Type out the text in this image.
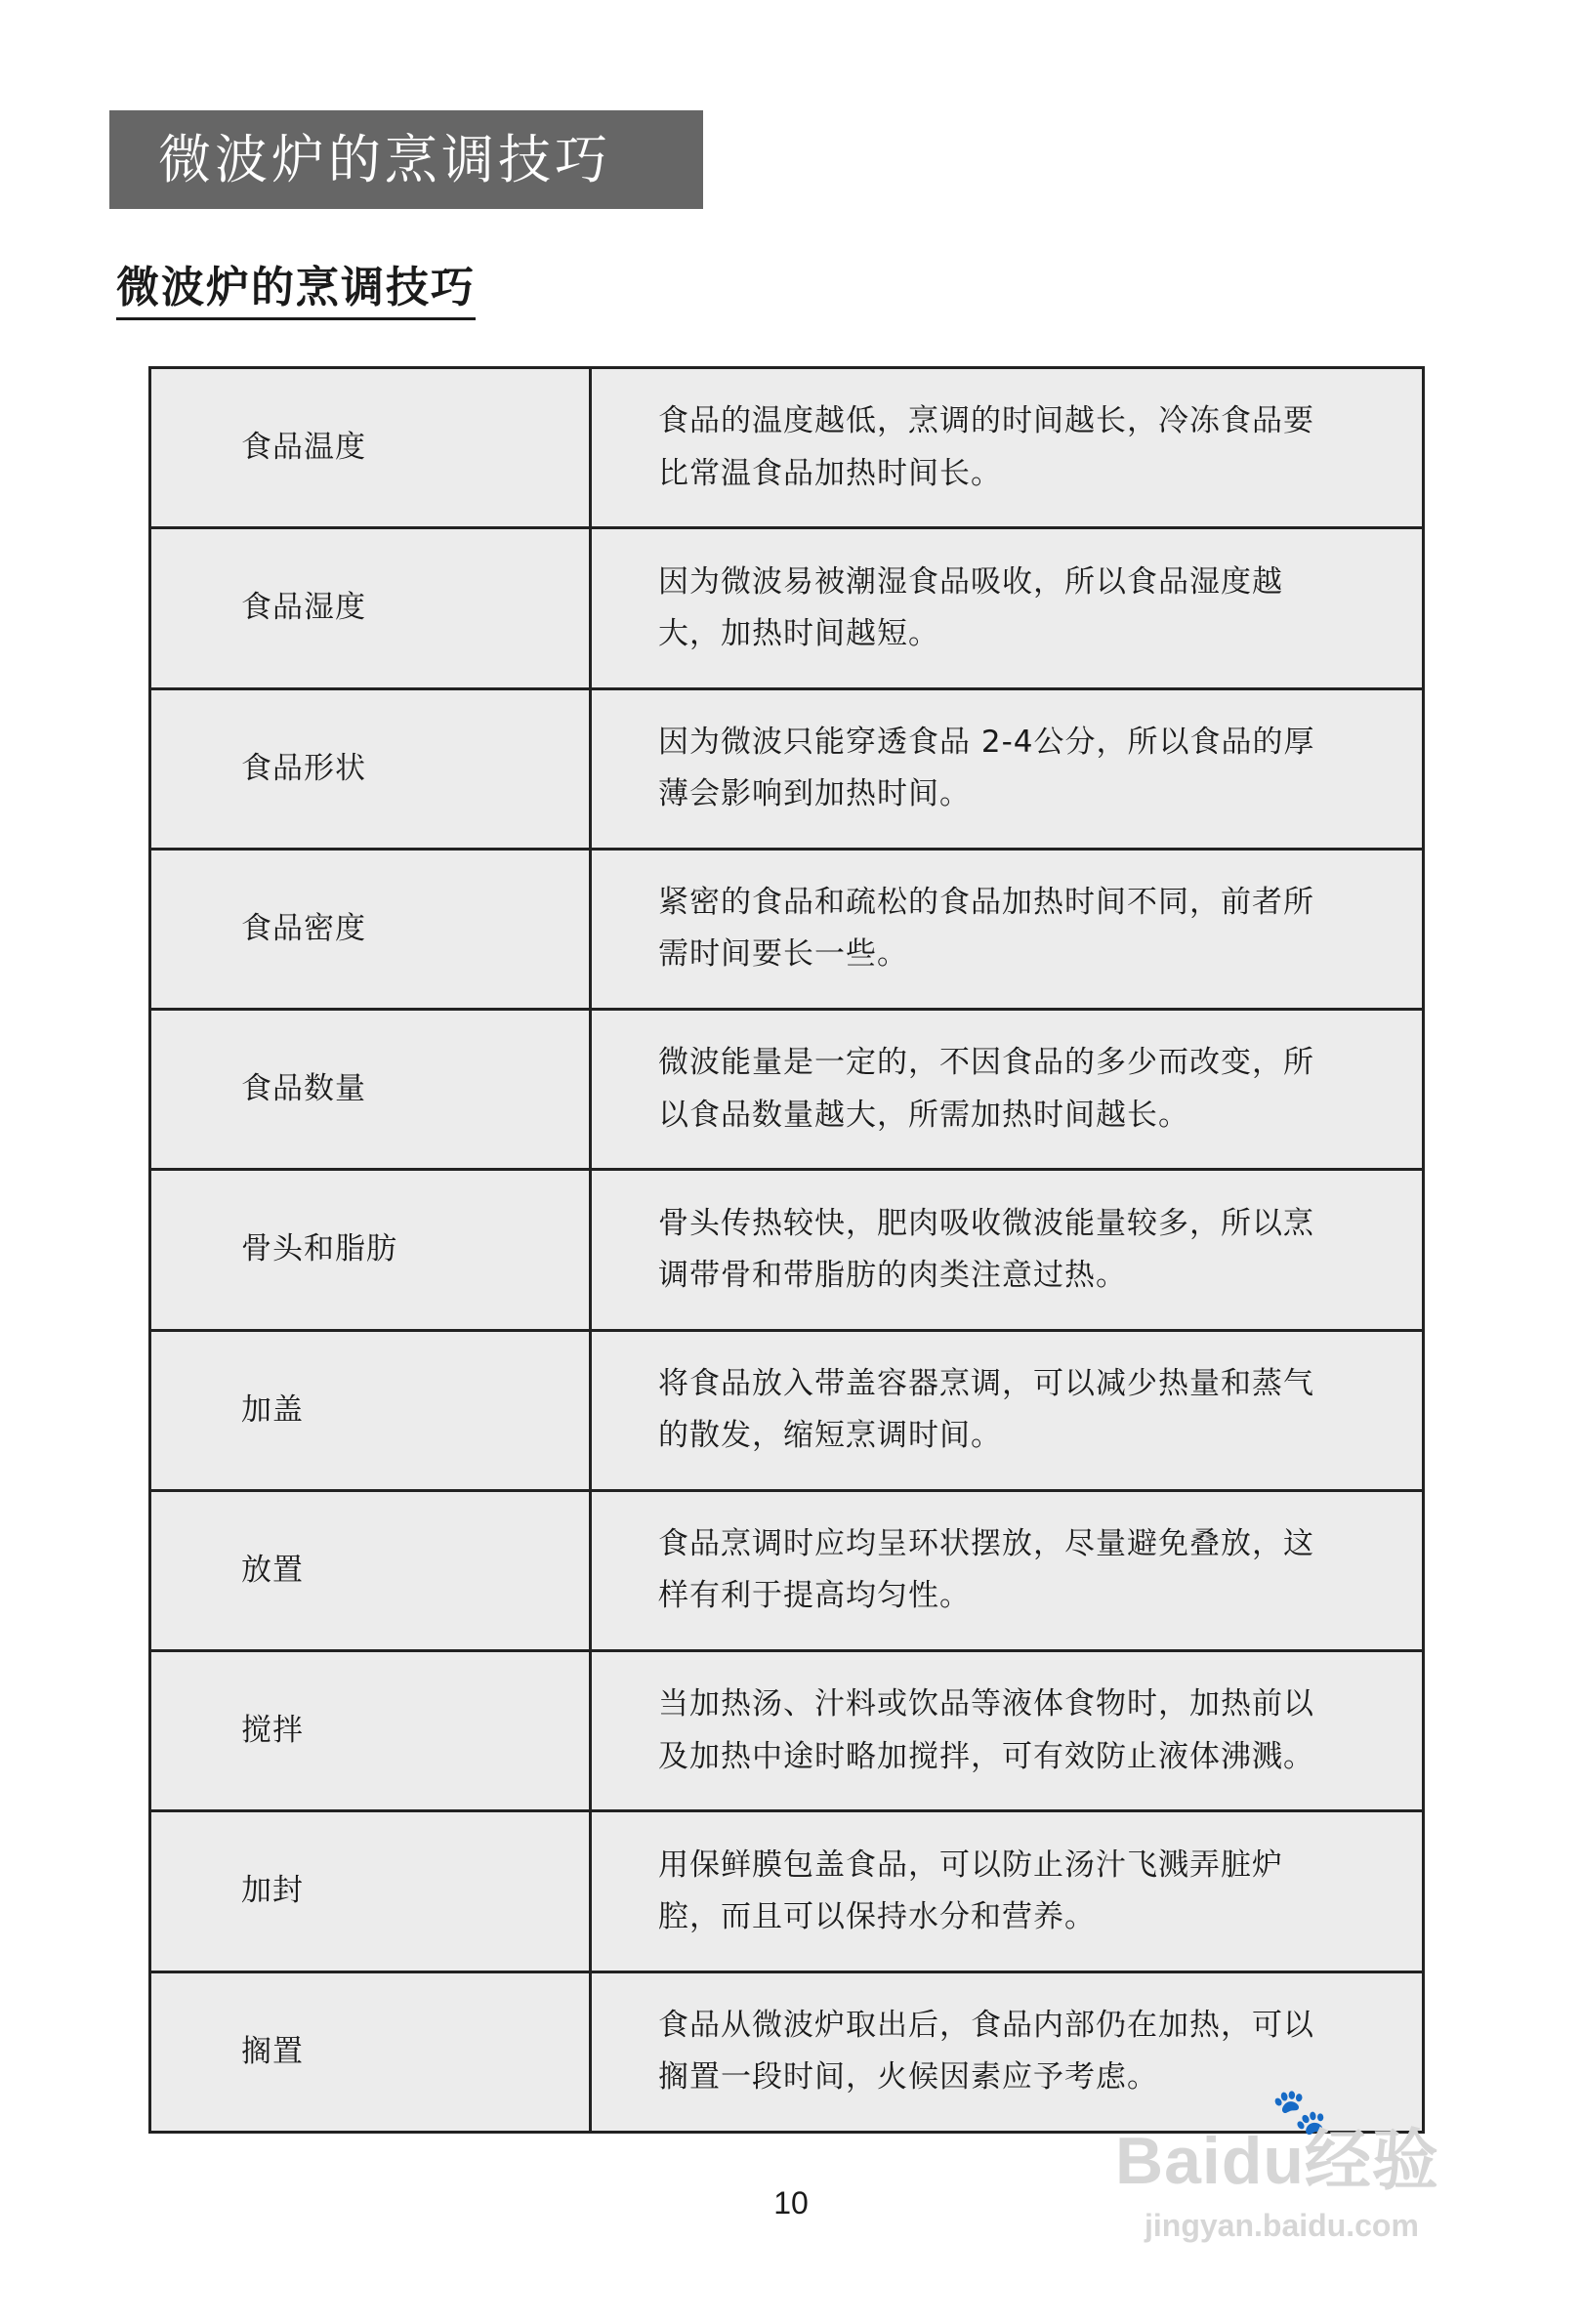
微波炉的烹调技巧
微波炉的烹调技巧
食品温度	食品的温度越低，烹调的时间越长，冷冻食品要比常温食品加热时间长。
食品湿度	因为微波易被潮湿食品吸收，所以食品湿度越大，加热时间越短。
食品形状	因为微波只能穿透食品 2-4公分，所以食品的厚薄会影响到加热时间。
食品密度	紧密的食品和疏松的食品加热时间不同，前者所需时间要长一些。
食品数量	微波能量是一定的，不因食品的多少而改变，所以食品数量越大，所需加热时间越长。
骨头和脂肪	骨头传热较快，肥肉吸收微波能量较多，所以烹调带骨和带脂肪的肉类注意过热。
加盖	将食品放入带盖容器烹调，可以减少热量和蒸气的散发，缩短烹调时间。
放置	食品烹调时应均呈环状摆放，尽量避免叠放，这样有利于提高均匀性。
搅拌	当加热汤、汁料或饮品等液体食物时，加热前以及加热中途时略加搅拌，可有效防止液体沸溅。
加封	用保鲜膜包盖食品，可以防止汤汁飞溅弄脏炉腔，而且可以保持水分和营养。
搁置	食品从微波炉取出后，食品内部仍在加热，可以搁置一段时间，火候因素应予考虑。
10
🐾
Baidu经验
jingyan.baidu.com
